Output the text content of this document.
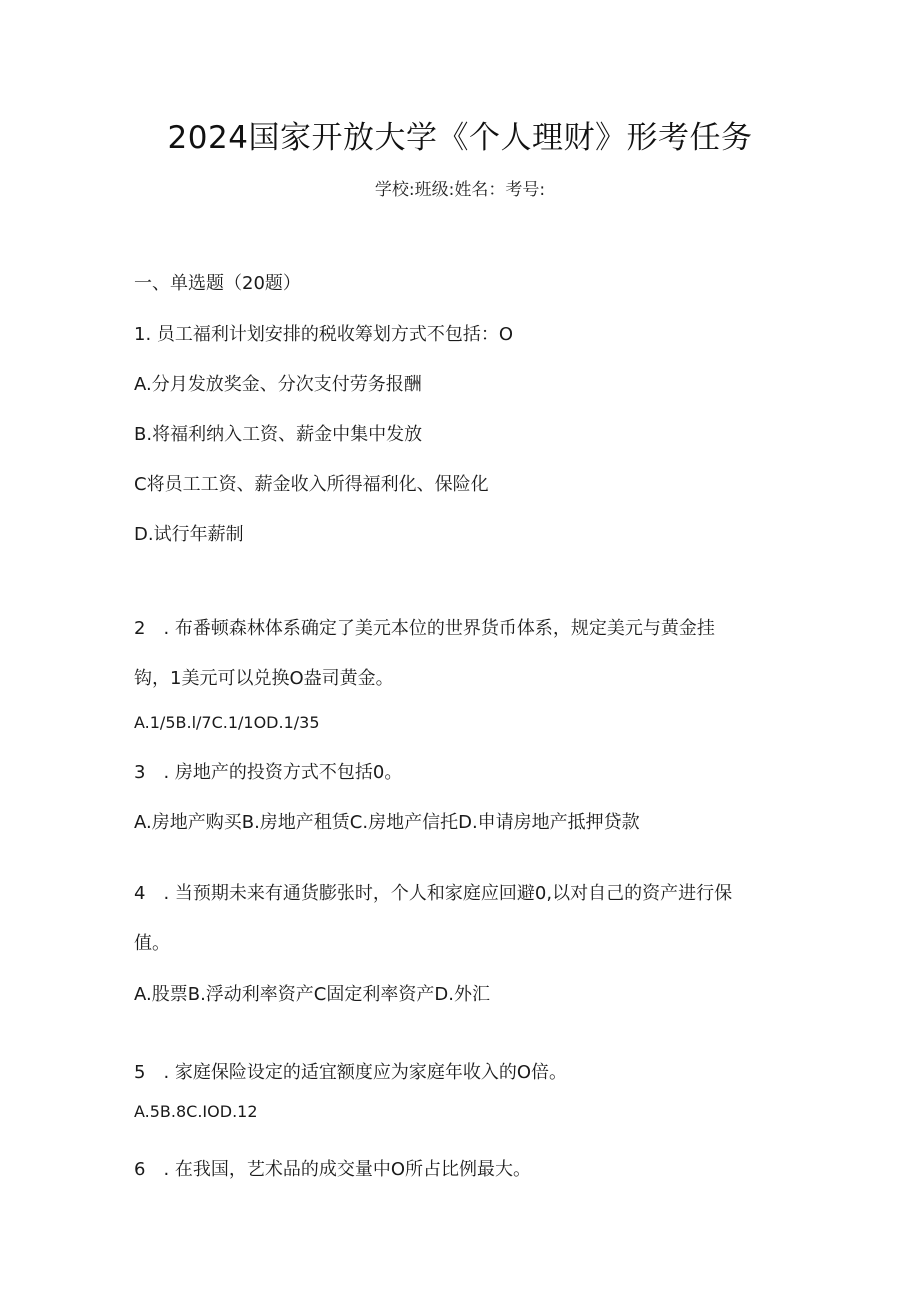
2024国家开放大学《个人理财》形考任务
学校:班级:姓名：考号:
一、单选题（20题）
1. 员工福利计划安排的税收筹划方式不包括：O
A.分月发放奖金、分次支付劳务报酬
B.将福利纳入工资、薪金中集中发放
C将员工工资、薪金收入所得福利化、保险化
D.试行年薪制
2　. 布番顿森林体系确定了美元本位的世界货币体系，规定美元与黄金挂
钩，1美元可以兑换O盎司黄金。
A.1/5B.l/7C.1/1OD.1/35
3　. 房地产的投资方式不包括0。
A.房地产购买B.房地产租赁C.房地产信托D.申请房地产抵押贷款
4　. 当预期未来有通货膨张时，个人和家庭应回避0,以对自己的资产进行保
值。
A.股票B.浮动利率资产C固定利率资产D.外汇
5　. 家庭保险设定的适宜额度应为家庭年收入的O倍。
A.5B.8C.IOD.12
6　. 在我国，艺术品的成交量中O所占比例最大。
